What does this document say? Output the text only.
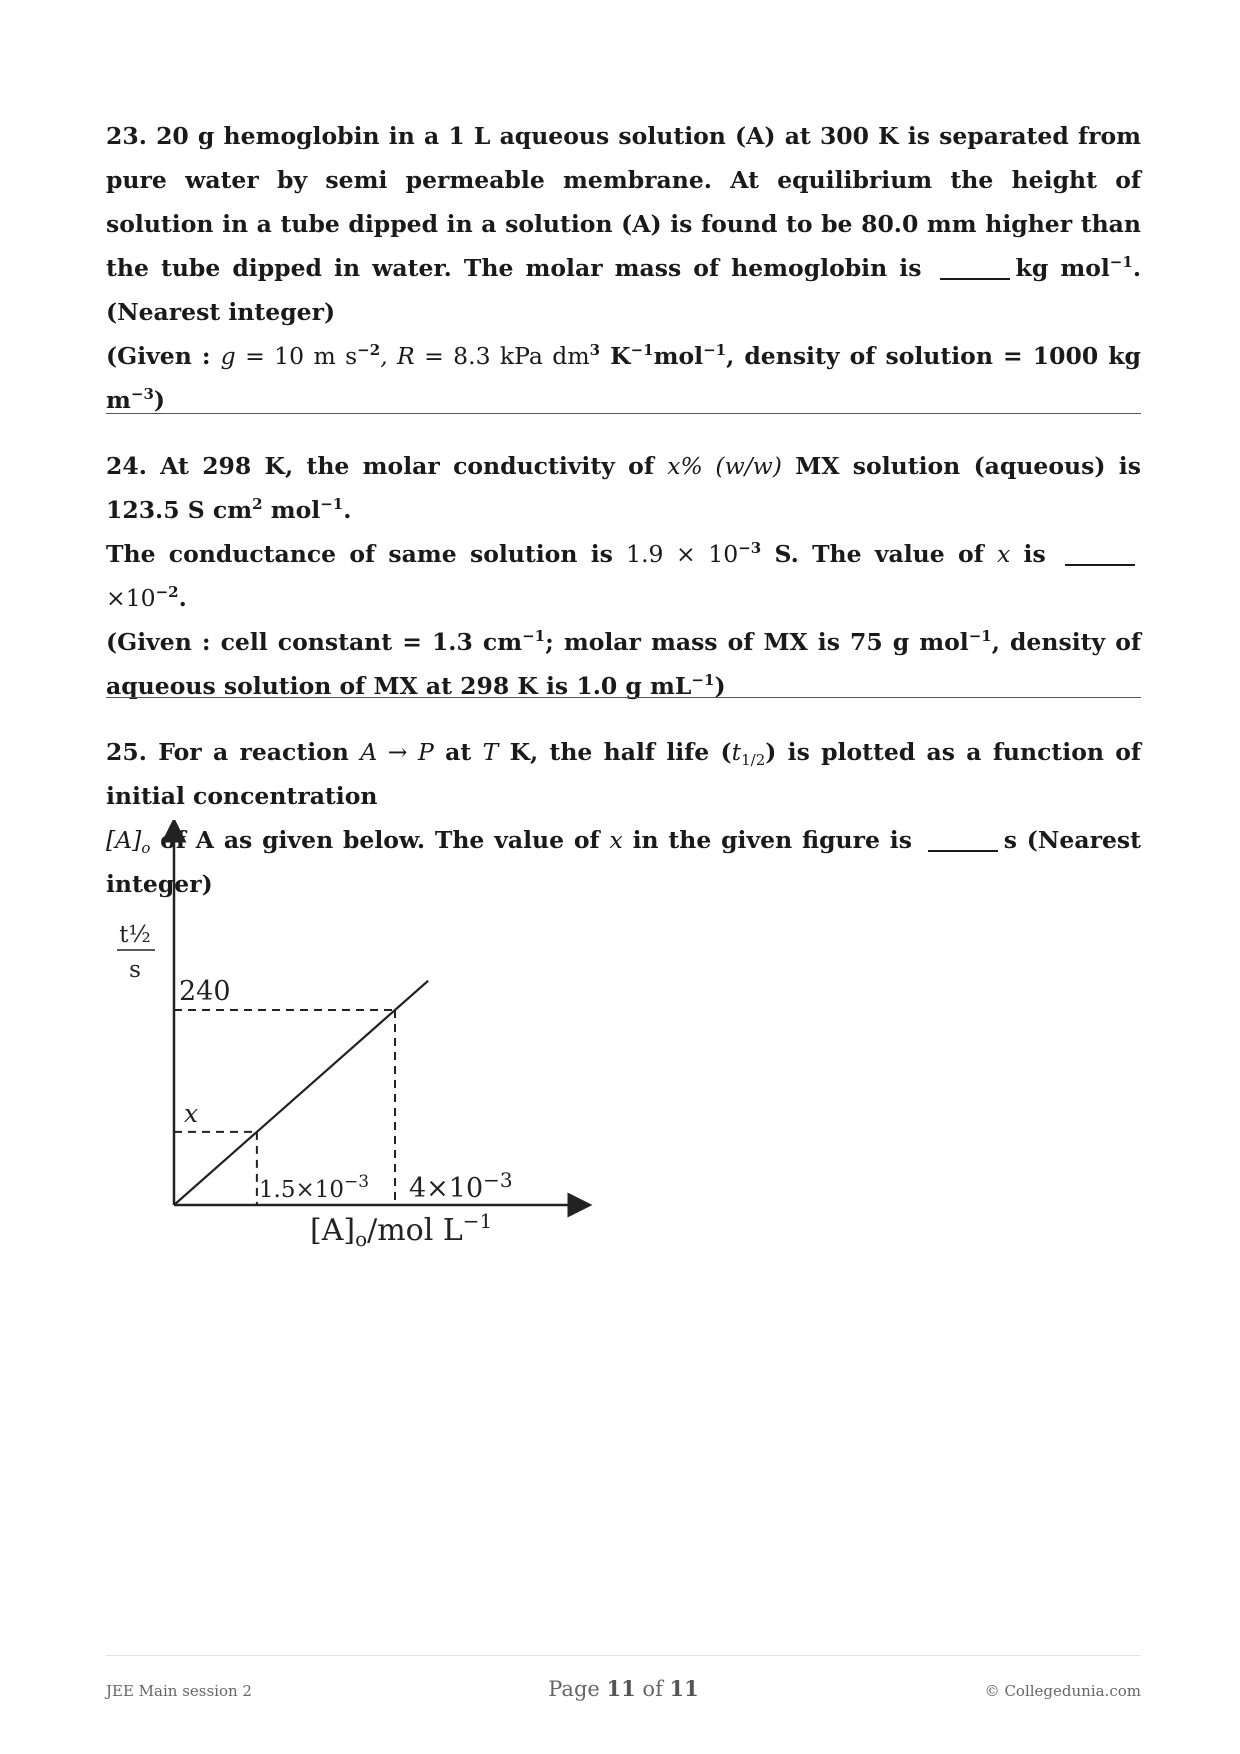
23. 20 g hemoglobin in a 1 L aqueous solution (A) at 300 K is separated from pure water by semi permeable membrane. At equilibrium the height of solution in a tube dipped in a solution (A) is found to be 80.0 mm higher than the tube dipped in water. The molar mass of hemoglobin is	kg mol$^{-1}$. (Nearest integer)
(Given : g = 10 m $s^{-2}$, R = 8.3 kPa $dm^3$ $K^{-1}mol^{-1}$, density of solution = 1000 kg $m^{-3}$)
24. At 298 K, the molar conductivity of x% (w/w) MX solution (aqueous) is 123.5 S $cm^2$ mol$^{-1}$.
The conductance of same solution is $1.9 \times 10^{-3}$ S. The value of x is $\times 10^{-2}$.
(Given : cell constant = 1.3 $cm^{-1}$; molar mass of MX is 75 g mol$^{-1}$, density of aqueous solution of MX at 298 K is 1.0 g $mL^{-1}$)
25. For a reaction A → P at T K, the half life $(t_{1/2})$ is plotted as a function of initial concentration
$[A]_o$ of A as given below. The value of x in the given figure is	s (Nearest integer)
240
x
$1.5\times 10^{-3}$ $4\times 10^{-3}$
t½
s
$[A]_o$/mol $L^{-1}$
JEE Main session 2	Page 11 of 11	© Collegedunia.com
